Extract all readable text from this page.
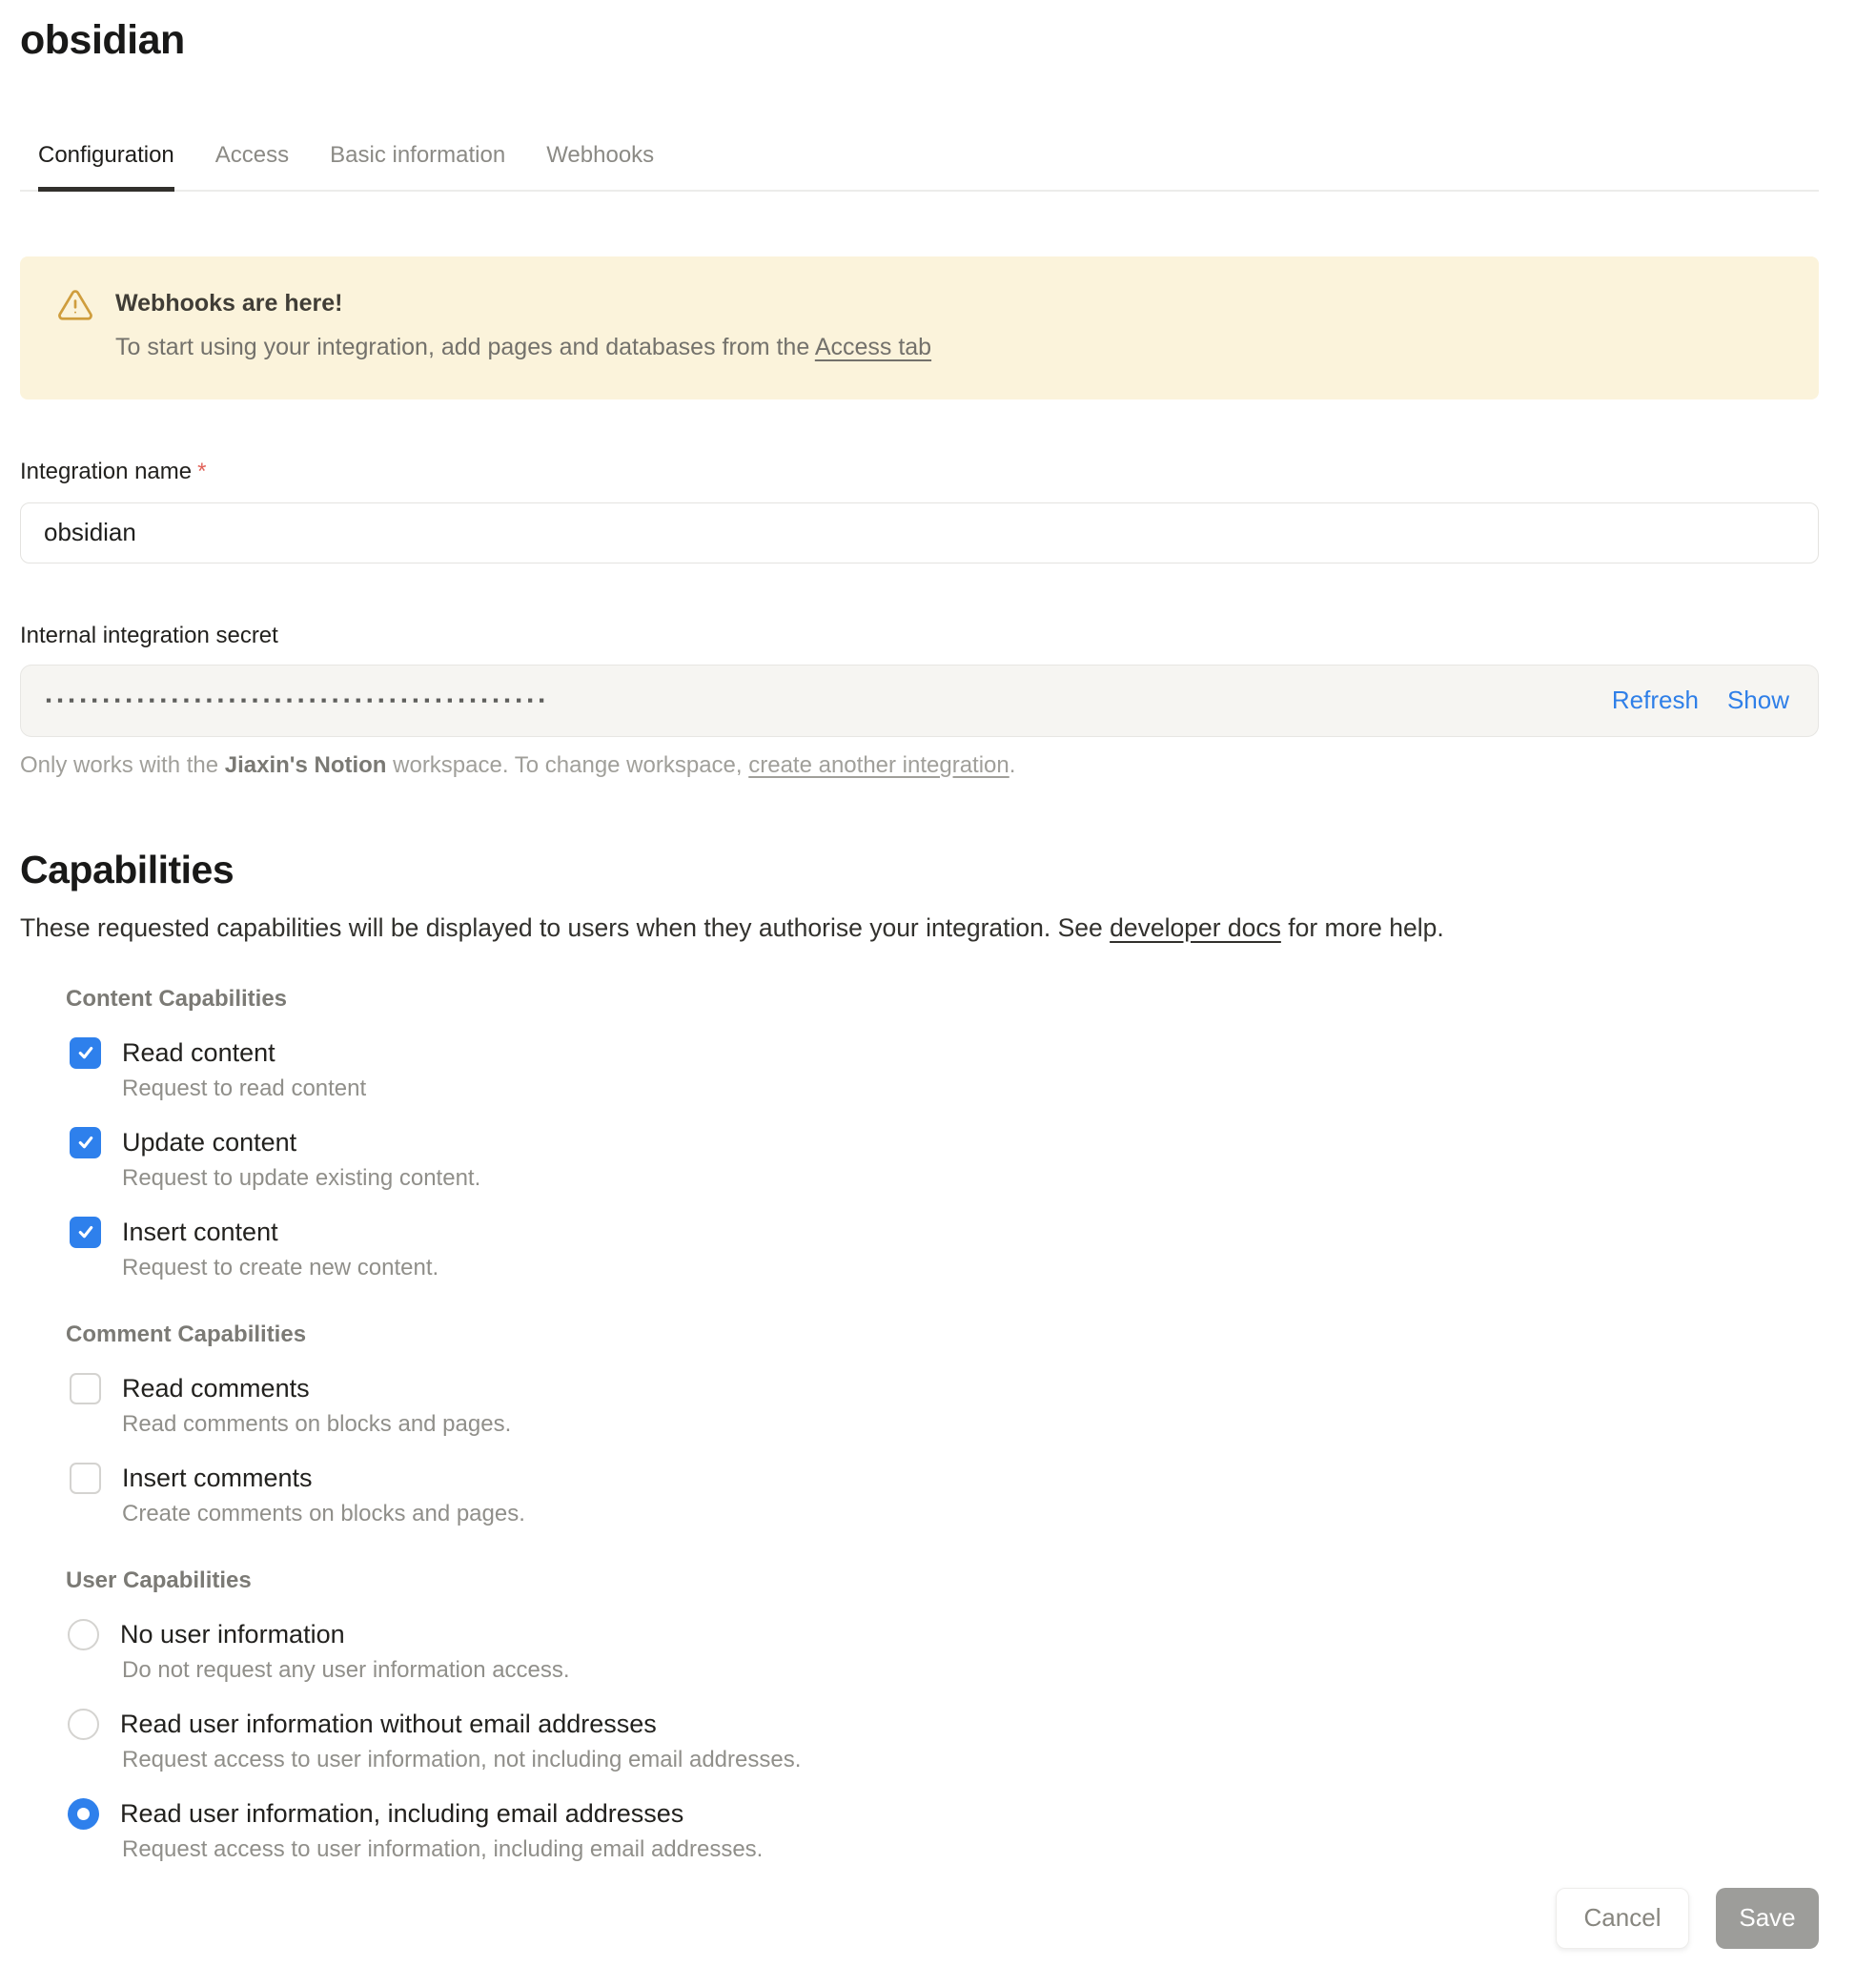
obsidian
Configuration Access Basic information Webhooks
Webhooks are here!
To start using your integration, add pages and databases from the Access tab
Integration name *
obsidian
Internal integration secret
▪▪▪▪▪▪▪▪▪▪▪▪▪▪▪▪▪▪▪▪▪▪▪▪▪▪▪▪▪▪▪▪▪▪▪▪▪▪▪▪▪▪▪▪	Refresh Show
Only works with the Jiaxin's Notion workspace. To change workspace, create another integration.
Capabilities
These requested capabilities will be displayed to users when they authorise your integration. See developer docs for more help.
Content Capabilities
Read content
Request to read content
Update content
Request to update existing content.
Insert content
Request to create new content.
Comment Capabilities
Read comments
Read comments on blocks and pages.
Insert comments
Create comments on blocks and pages.
User Capabilities
No user information
Do not request any user information access.
Read user information without email addresses
Request access to user information, not including email addresses.
Read user information, including email addresses
Request access to user information, including email addresses.
Cancel	Save
